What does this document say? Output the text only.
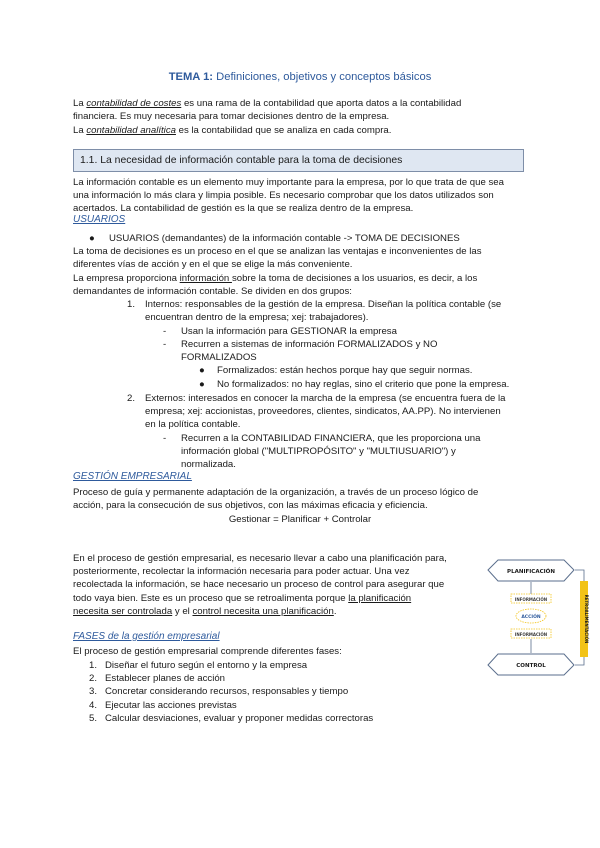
TEMA 1: Definiciones, objetivos y conceptos básicos
La contabilidad de costes es una rama de la contabilidad que aporta datos a la contabilidad
financiera. Es muy necesaria para tomar decisiones dentro de la empresa.
La contabilidad analítica es la contabilidad que se analiza en cada compra.
1.1. La necesidad de información contable para la toma de decisiones
La información contable es un elemento muy importante para la empresa, por lo que trata de que sea
una información lo más clara y limpia posible. Es necesario comprobar que los datos utilizados son
acertados. La contabilidad de gestión es la que se realiza dentro de la empresa.
USUARIOS
● USUARIOS (demandantes) de la información contable -> TOMA DE DECISIONES
La toma de decisiones es un proceso en el que se analizan las ventajas e inconvenientes de las
diferentes vías de acción y en el que se elige la más conveniente.
La empresa proporciona información sobre la toma de decisiones a los usuarios, es decir, a los
demandantes de información contable. Se dividen en dos grupos:
1. Internos: responsables de la gestión de la empresa. Diseñan la política contable (se
encuentran dentro de la empresa; xej: trabajadores).
- Usan la información para GESTIONAR la empresa
- Recurren a sistemas de información FORMALIZADOS y NO
FORMALIZADOS
● Formalizados: están hechos porque hay que seguir normas.
● No formalizados: no hay reglas, sino el criterio que pone la empresa.
2. Externos: interesados en conocer la marcha de la empresa (se encuentra fuera de la
empresa; xej: accionistas, proveedores, clientes, sindicatos, AA.PP). No intervienen
en la política contable.
- Recurren a la CONTABILIDAD FINANCIERA, que les proporciona una
información global ("MULTIPROPÓSITO" y "MULTIUSUARIO") y
normalizada.
GESTIÓN EMPRESARIAL
Proceso de guía y permanente adaptación de la organización, a través de un proceso lógico de
acción, para la consecución de sus objetivos, con las máximas eficacia y eficiencia.
Gestionar = Planificar + Controlar
En el proceso de gestión empresarial, es necesario llevar a cabo una planificación para,
posteriormente, recolectar la información necesaria para poder actuar. Una vez
recolectada la información, se hace necesario un proceso de control para asegurar que
todo vaya bien. Este es un proceso que se retroalimenta porque la planificación
necesita ser controlada y el control necesita una planificación.
PLANIFICACIÓN
CONTROL
INFORMACIÓN
ACCIÓN
INFORMACIÓN	RETROALIMENTACIÓN
FASES de la gestión empresarial
El proceso de gestión empresarial comprende diferentes fases:
1. Diseñar el futuro según el entorno y la empresa
2. Establecer planes de acción
3. Concretar considerando recursos, responsables y tiempo
4. Ejecutar las acciones previstas
5. Calcular desviaciones, evaluar y proponer medidas correctoras
